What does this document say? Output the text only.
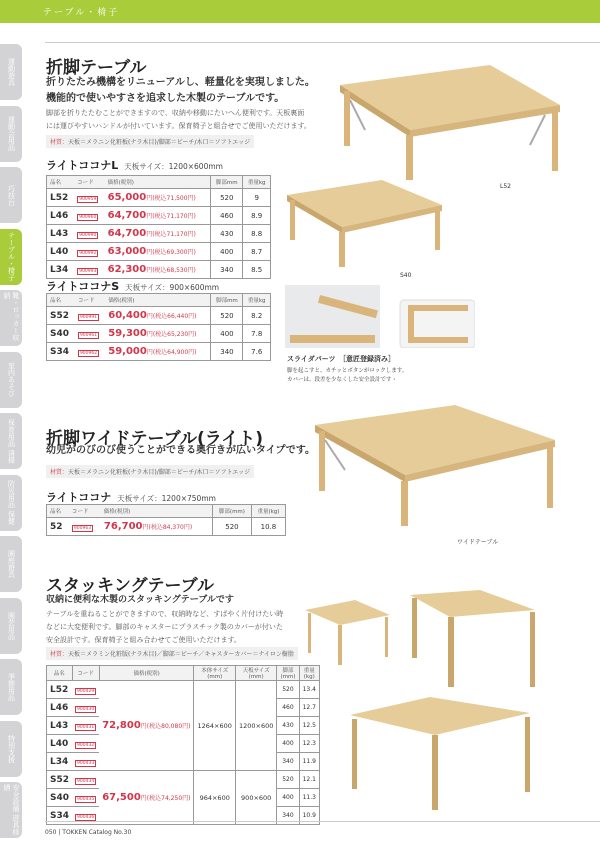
テーブル・椅子
運動遊具
運動会用品
巧技台
テーブル・椅子
靴・ロッカー収納
室内あそび
保育用品 清掃
防災用品 保健
園庭遊具
園芸用品
季節用品
特別支援
安全設備 遊具修繕
折脚テーブル
折りたたみ機構をリニューアルし、軽量化を実現しました。
機能的で使いやすさを追求した木製のテーブルです。
脚部を折りたたむことができますので、収納や移動にたいへん便利です。天板裏面
には運びやすいハンドルが付いています。保育椅子と組合せでご使用いただけます。
材質：天板＝メラニン化粧板(ナラ木目)/脚部＝ビーチ/木口＝ソフトエッジ
ライトココナL 天板サイズ：1200×600mm
品名	コード	価格(税別)	脚部mm	重量kg
L52	900959	65,000円(税込71,500円)	520	9
L46	900960	64,700円(税込71,170円)	460	8.9
L43	900990	64,700円(税込71,170円)	430	8.8
L40	900992	63,000円(税込69,300円)	400	8.7
L34	900993	62,300円(税込68,530円)	340	8.5
ライトココナS 天板サイズ：900×600mm
品名	コード	価格(税別)	脚部mm	重量kg
S52	900991	60,400円(税込66,440円)	520	8.2
S40	900961	59,300円(税込65,230円)	400	7.8
S34	900962	59,000円(税込64,900円)	340	7.6
L52
S40
スライダパーツ　［意匠登録済み］
脚を起こすと、カチッとボタンがロックします。
カバーは、段差を少なくした安全設計です・
折脚ワイドテーブル(ライト)
幼児がのびのび使うことができる奥行きが広いタイプです。
材質：天板＝メラニン化粧板(ナラ木目)/脚部＝ビーチ/木口＝ソフトエッジ
ライトココナ 天板サイズ：1200×750mm
品名	コード	価格(税別)	脚部(mm)	重量(kg)
52	900963	76,700円(税込84,370円)	520	10.8
ワイドテーブル
スタッキングテーブル
収納に便利な木製のスタッキングテーブルです
テーブルを重ねることができますので、収納時など、すばやく片付けたい時
などに大変便利です。脚部のキャスターにプラスチック製のカバーが付いた
安全設計です。保育椅子と組み合わせてご使用いただけます。
材質：天板＝メラミン化粧版(ナラ木目)／脚部＝ビーチ／キャスターカバー＝ナイロン樹脂
品名	コード	価格(税別)	本体サイズ(mm)	天板サイズ(mm)	脚部(mm)	重量(kg)
L52	900429	72,800円(税込80,080円)	1264×600	1200×600	520	13.4
L46	900430				460	12.7
L43	900431				430	12.5
L40	900432				400	12.3
L34	900433				340	11.9
S52	900434	67,500円(税込74,250円)	964×600	900×600	520	12.1
S40	900435				400	11.3
S34	900436				340	10.9
050 | TOKKEN Catalog No.30
